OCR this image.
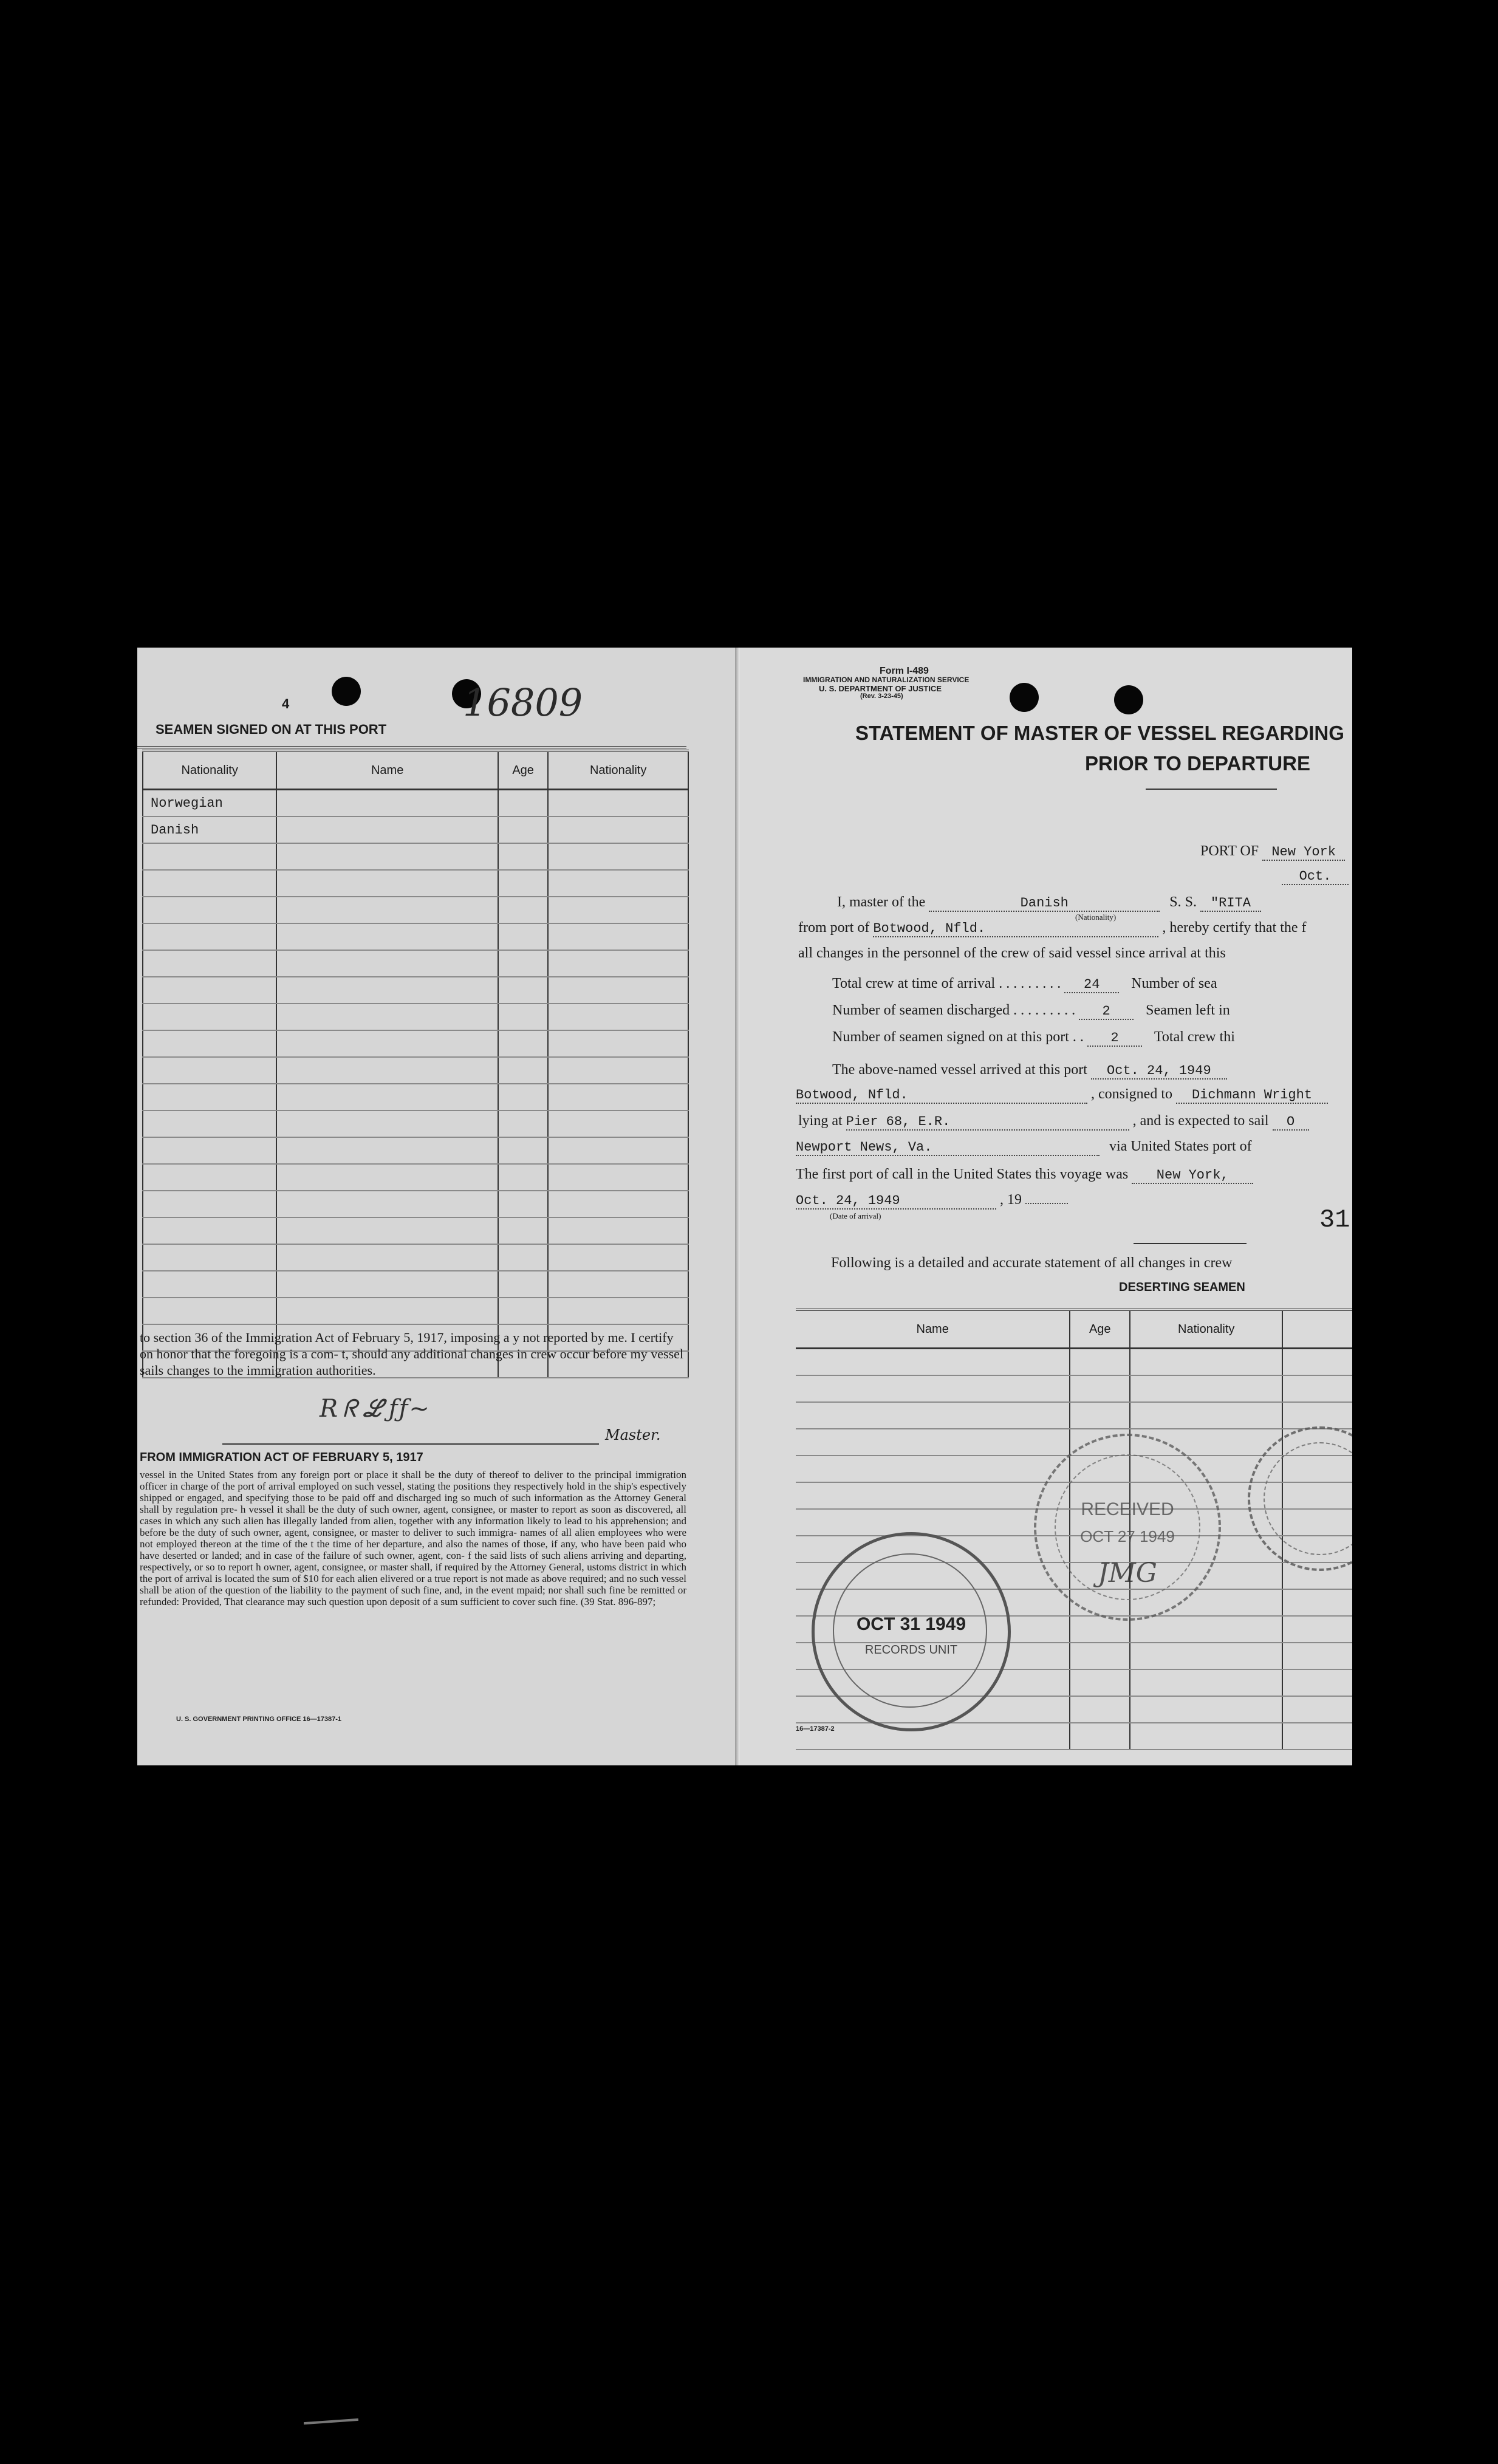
4	16809
SEAMEN SIGNED ON AT THIS PORT
Nationality	Name	Age	Nationality
Norwegian			
Danish			

to section 36 of the Immigration Act of February 5, 1917, imposing a y not reported by me. I certify on honor that the foregoing is a com- t, should any additional changes in crew occur before my vessel sails changes to the immigration authorities.
R​ ᖇ ​ℒ ƒƒ​~
Master.
FROM IMMIGRATION ACT OF FEBRUARY 5, 1917
vessel in the United States from any foreign port or place it shall be the duty of thereof to deliver to the principal immigration officer in charge of the port of arrival employed on such vessel, stating the positions they respectively hold in the ship's espectively shipped or engaged, and specifying those to be paid off and discharged ing so much of such information as the Attorney General shall by regulation pre- h vessel it shall be the duty of such owner, agent, consignee, or master to report as soon as discovered, all cases in which any such alien has illegally landed from alien, together with any information likely to lead to his apprehension; and before be the duty of such owner, agent, consignee, or master to deliver to such immigra- names of all alien employees who were not employed thereon at the time of the t the time of her departure, and also the names of those, if any, who have been paid who have deserted or landed; and in case of the failure of such owner, agent, con- f the said lists of such aliens arriving and departing, respectively, or so to report h owner, agent, consignee, or master shall, if required by the Attorney General, ustoms district in which the port of arrival is located the sum of $10 for each alien elivered or a true report is not made as above required; and no such vessel shall be ation of the question of the liability to the payment of such fine, and, in the event mpaid; nor shall such fine be remitted or refunded: Provided, That clearance may such question upon deposit of a sum sufficient to cover such fine. (39 Stat. 896-897;
U. S. GOVERNMENT PRINTING OFFICE 16—17387-1
Form I-489
IMMIGRATION AND NATURALIZATION SERVICE
U. S. DEPARTMENT OF JUSTICE
(Rev. 3-23-45)
STATEMENT OF MASTER OF VESSEL REGARDING
PRIOR TO DEPARTURE
PORT OF New York
Oct.
I, master of the	Danish	S. S. "RITA
(Nationality)
from port of Botwood, Nfld.	, hereby certify that the f
all changes in the personnel of the crew of said vessel since arrival at this
Total crew at time of arrival . . . . . . . . . 24 Number of sea
Number of seamen discharged . . . . . . . . . 2 Seamen left in
Number of seamen signed on at this port . . 2 Total crew thi
The above-named vessel arrived at this port Oct. 24, 1949
Botwood, Nfld.	, consigned to Dichmann Wright
lying at Pier 68, E.R.	, and is expected to sail O
Newport News, Va.	via United States port of
The first port of call in the United States this voyage was New York,
Oct. 24, 1949	, 19
(Date of arrival)	31
Following is a detailed and accurate statement of all changes in crew
DESERTING SEAMEN
Name	Age	Nationality	

RECEIVED
OCT 27 1949
JMG
OCT 31 1949
RECORDS UNIT
16—17387-2
